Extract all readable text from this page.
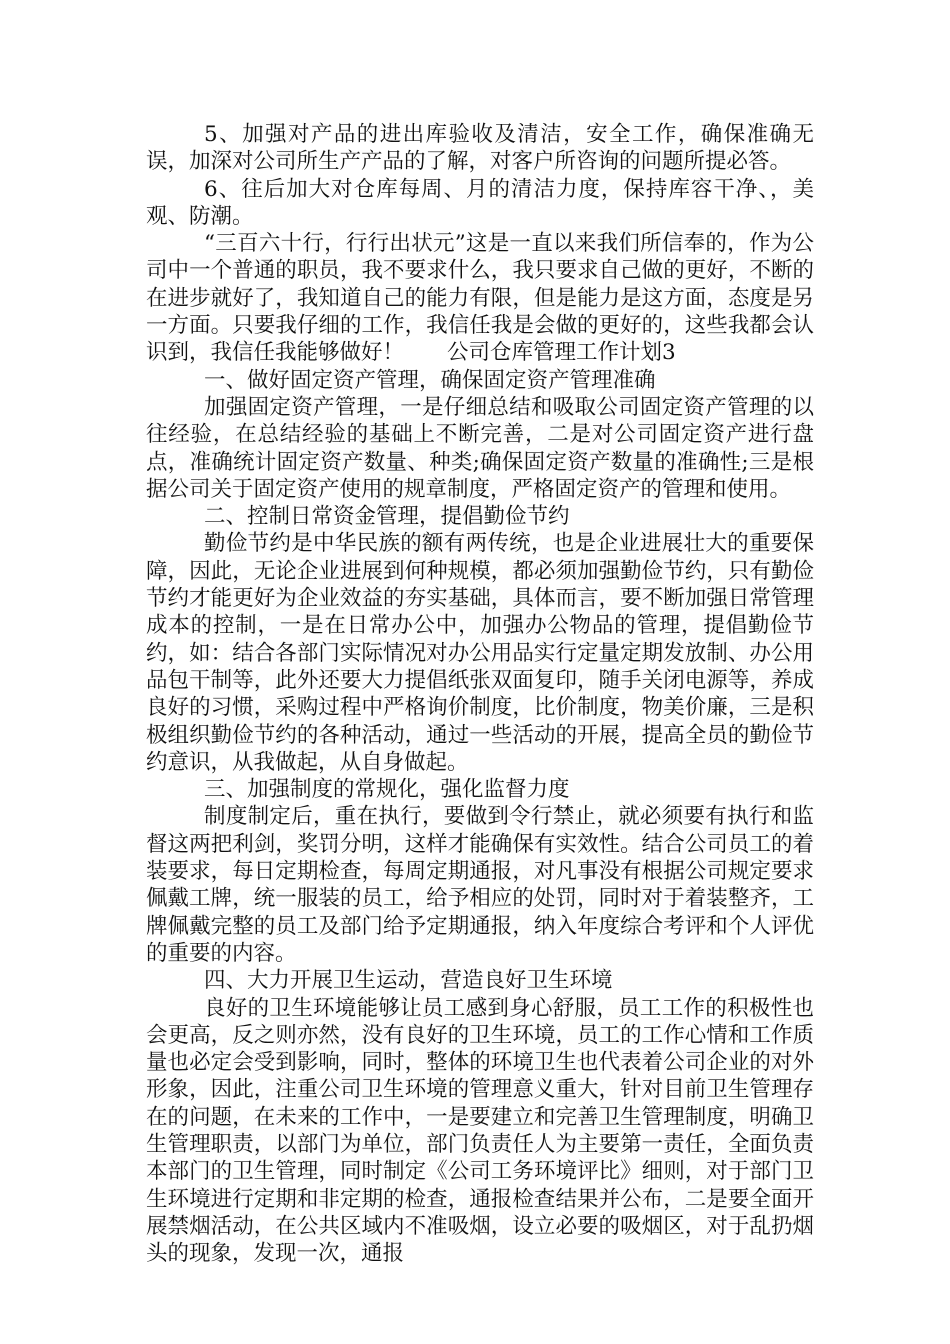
5、加强对产品的进出库验收及清洁，安全工作，确保准确无误，加深对公司所生产产品的了解，对客户所咨询的问题所提必答。

6、往后加大对仓库每周、月的清洁力度，保持库容干净、，美观、防潮。

“三百六十行，行行出状元”这是一直以来我们所信奉的，作为公司中一个普通的职员，我不要求什么，我只要求自己做的更好，不断的在进步就好了，我知道自己的能力有限，但是能力是这方面，态度是另一方面。只要我仔细的工作，我信任我是会做的更好的，这些我都会认识到，我信任我能够做好！　　公司仓库管理工作计划3

一、做好固定资产管理，确保固定资产管理准确

加强固定资产管理，一是仔细总结和吸取公司固定资产管理的以往经验，在总结经验的基础上不断完善，二是对公司固定资产进行盘点，准确统计固定资产数量、种类;确保固定资产数量的准确性;三是根据公司关于固定资产使用的规章制度，严格固定资产的管理和使用。

二、控制日常资金管理，提倡勤俭节约

勤俭节约是中华民族的额有两传统，也是企业进展壮大的重要保障，因此，无论企业进展到何种规模，都必须加强勤俭节约，只有勤俭节约才能更好为企业效益的夯实基础，具体而言，要不断加强日常管理成本的控制，一是在日常办公中，加强办公物品的管理，提倡勤俭节约，如：结合各部门实际情况对办公用品实行定量定期发放制、办公用品包干制等，此外还要大力提倡纸张双面复印，随手关闭电源等，养成良好的习惯，采购过程中严格询价制度，比价制度，物美价廉，三是积极组织勤俭节约的各种活动，通过一些活动的开展，提高全员的勤俭节约意识，从我做起，从自身做起。

三、加强制度的常规化，强化监督力度

制度制定后，重在执行，要做到令行禁止，就必须要有执行和监督这两把利剑，奖罚分明，这样才能确保有实效性。结合公司员工的着装要求，每日定期检查，每周定期通报，对凡事没有根据公司规定要求佩戴工牌，统一服装的员工，给予相应的处罚，同时对于着装整齐，工牌佩戴完整的员工及部门给予定期通报，纳入年度综合考评和个人评优的重要的内容。

四、大力开展卫生运动，营造良好卫生环境

良好的卫生环境能够让员工感到身心舒服，员工工作的积极性也会更高，反之则亦然，没有良好的卫生环境，员工的工作心情和工作质量也必定会受到影响，同时，整体的环境卫生也代表着公司企业的对外形象，因此，注重公司卫生环境的管理意义重大，针对目前卫生管理存在的问题，在未来的工作中，一是要建立和完善卫生管理制度，明确卫生管理职责，以部门为单位，部门负责任人为主要第一责任，全面负责本部门的卫生管理，同时制定《公司工务环境评比》细则，对于部门卫生环境进行定期和非定期的检查，通报检查结果并公布，二是要全面开展禁烟活动，在公共区域内不准吸烟，设立必要的吸烟区，对于乱扔烟头的现象，发现一次，通报
